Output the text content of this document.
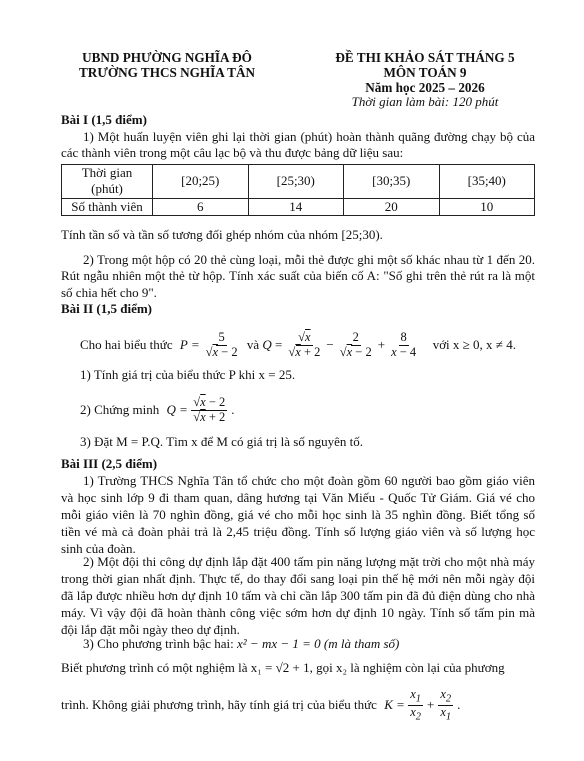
UBND PHƯỜNG NGHĨA ĐÔ
TRƯỜNG THCS NGHĨA TÂN
ĐỀ THI KHẢO SÁT THÁNG 5
MÔN TOÁN 9
Năm học 2025 – 2026
Thời gian làm bài: 120 phút
Bài I (1,5 điểm)
1) Một huấn luyện viên ghi lại thời gian (phút) hoàn thành quãng đường chạy bộ của các thành viên trong một câu lạc bộ và thu được bảng dữ liệu sau:
Thời gian (phút)	[20;25)	[25;30)	[30;35)	[35;40)
Số thành viên	6	14	20	10
Tính tần số và tần số tương đối ghép nhóm của nhóm [25;30).
2) Trong một hộp có 20 thẻ cùng loại, mỗi thẻ được ghi một số khác nhau từ 1 đến 20. Rút ngẫu nhiên một thẻ từ hộp. Tính xác suất của biến cố A: "Số ghi trên thẻ rút ra là một số chia hết cho 9".
Bài II (1,5 điểm)
Cho hai biểu thức $P = \frac{5}{√x - 2}$ và $Q = \frac{√x}{√x + 2} - \frac{2}{√x - 2} + \frac{8}{x - 4}$
với x ≥ 0, x ≠ 4.
1) Tính giá trị của biểu thức P khi x = 25.
2) Chứng minh $Q = \frac{√x - 2}{√x + 2}$ .
3) Đặt M = P.Q. Tìm x để M có giá trị là số nguyên tố.
Bài III (2,5 điểm)
1) Trường THCS Nghĩa Tân tổ chức cho một đoàn gồm 60 người bao gồm giáo viên và học sinh lớp 9 đi tham quan, dâng hương tại Văn Miếu - Quốc Tử Giám. Giá vé cho mỗi giáo viên là 70 nghìn đồng, giá vé cho mỗi học sinh là 35 nghìn đồng. Biết tổng số tiền vé mà cả đoàn phải trả là 2,45 triệu đồng. Tính số lượng giáo viên và số lượng học sinh của đoàn.
2) Một đội thi công dự định lắp đặt 400 tấm pin năng lượng mặt trời cho một nhà máy trong thời gian nhất định. Thực tế, do thay đổi sang loại pin thế hệ mới nên mỗi ngày đội đã lắp được nhiều hơn dự định 10 tấm và chỉ cần lắp 300 tấm pin đã đủ điện dùng cho nhà máy. Vì vậy đội đã hoàn thành công việc sớm hơn dự định 10 ngày. Tính số tấm pin mà đội lắp đặt mỗi ngày theo dự định.
3) Cho phương trình bậc hai: x² − mx − 1 = 0 (m là tham số)
Biết phương trình có một nghiệm là x₁ = √2 + 1, gọi x₂ là nghiệm còn lại của phương
trình. Không giải phương trình, hãy tính giá trị của biểu thức $K = \frac{x_1}{x_2} + \frac{x_2}{x_1}$ .
